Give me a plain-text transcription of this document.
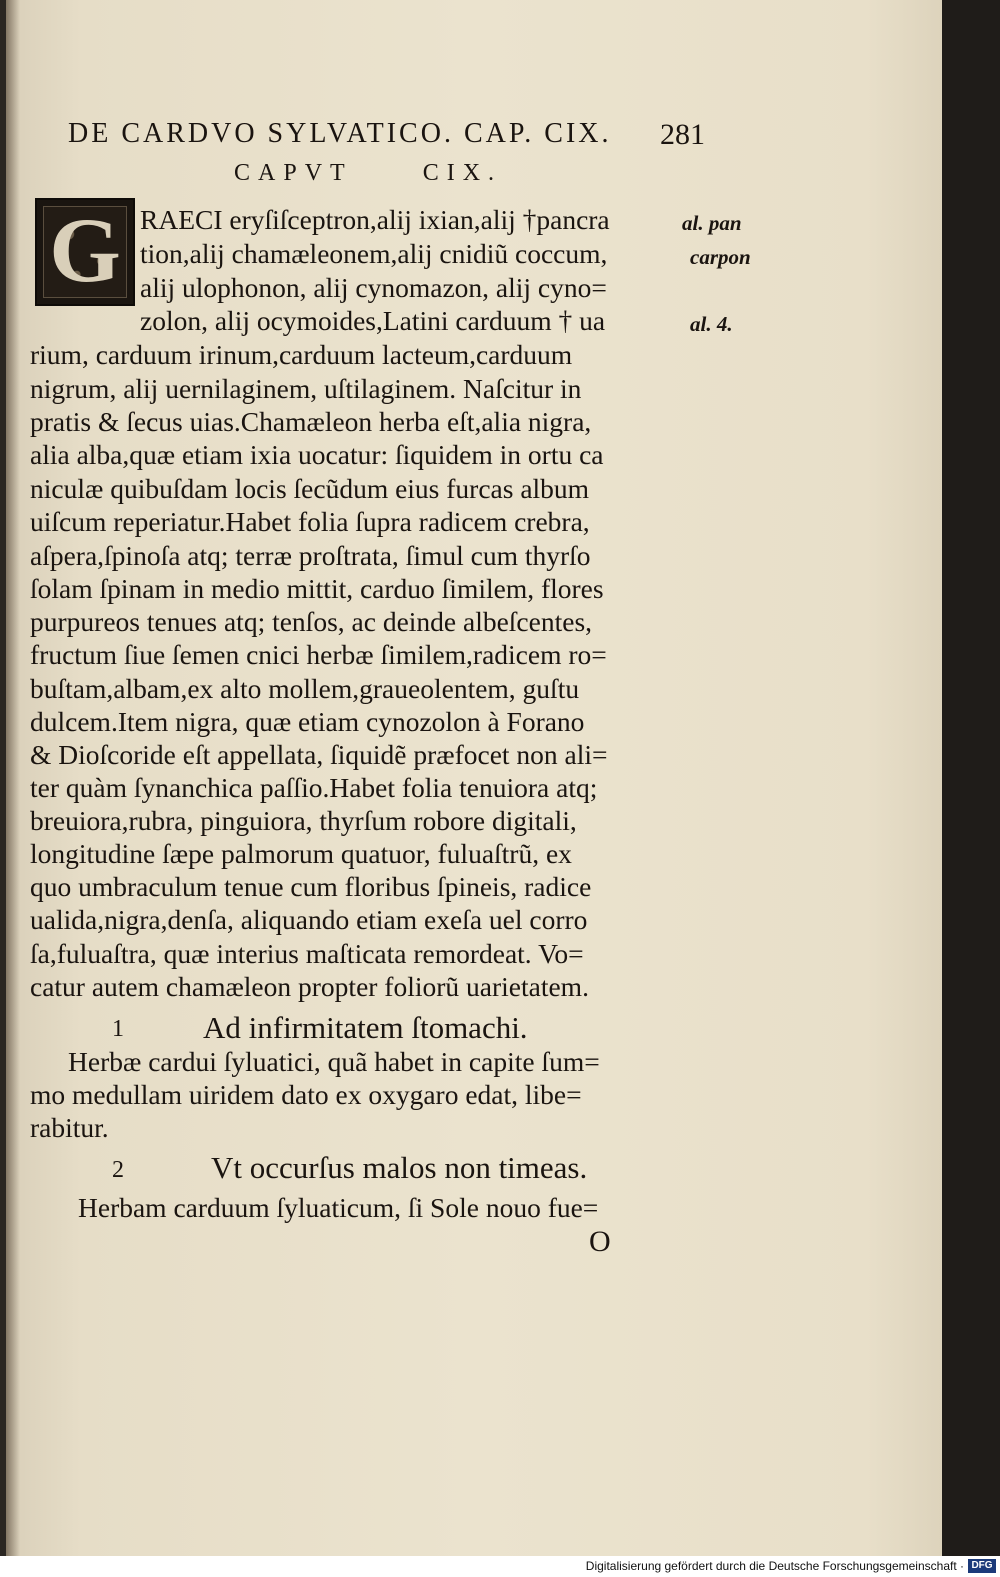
DE CARDVO SYLVATICO. CAP. CIX. 281
CAPVT	CIX.
G RAECI eryſiſceptron,alij ixian,alij †pancra
tion,alij chamæleonem,alij cnidiũ coccum,
alij ulophonon, alij cynomazon, alij cyno=
zolon, alij ocymoides,Latini carduum † ua
rium, carduum irinum,carduum lacteum,carduum
nigrum, alij uernilaginem, uſtilaginem. Naſcitur in
pratis & ſecus uias.Chamæleon herba eſt,alia nigra,
alia alba,quæ etiam ixia uocatur: ſiquidem in ortu ca
niculæ quibuſdam locis ſecũdum eius furcas album
uiſcum reperiatur.Habet folia ſupra radicem crebra,
aſpera,ſpinoſa atq; terræ proſtrata, ſimul cum thyrſo
ſolam ſpinam in medio mittit, carduo ſimilem, flores
purpureos tenues atq; tenſos, ac deinde albeſcentes,
fructum ſiue ſemen cnici herbæ ſimilem,radicem ro=
buſtam,albam,ex alto mollem,graueolentem, guſtu
dulcem.Item nigra, quæ etiam cynozolon à Forano
& Dioſcoride eſt appellata, ſiquidẽ præfocet non ali=
ter quàm ſynanchica paſſio.Habet folia tenuiora atq;
breuiora,rubra, pinguiora, thyrſum robore digitali,
longitudine ſæpe palmorum quatuor, fuluaſtrũ, ex
quo umbraculum tenue cum floribus ſpineis, radice
ualida,nigra,denſa, aliquando etiam exeſa uel corro
ſa,fuluaſtra, quæ interius maſticata remordeat. Vo=
catur autem chamæleon propter foliorũ uarietatem.
al. pan
carpon
al. 4.
1	Ad infirmitatem ſtomachi.
Herbæ cardui ſyluatici, quã habet in capite ſum=
mo medullam uiridem dato ex oxygaro edat, libe=
rabitur.
2	Vt occurſus malos non timeas.
Herbam carduum ſyluaticum, ſi Sole nouo fue=
O
Digitalisierung gefördert durch die Deutsche Forschungsgemeinschaft · DFG
